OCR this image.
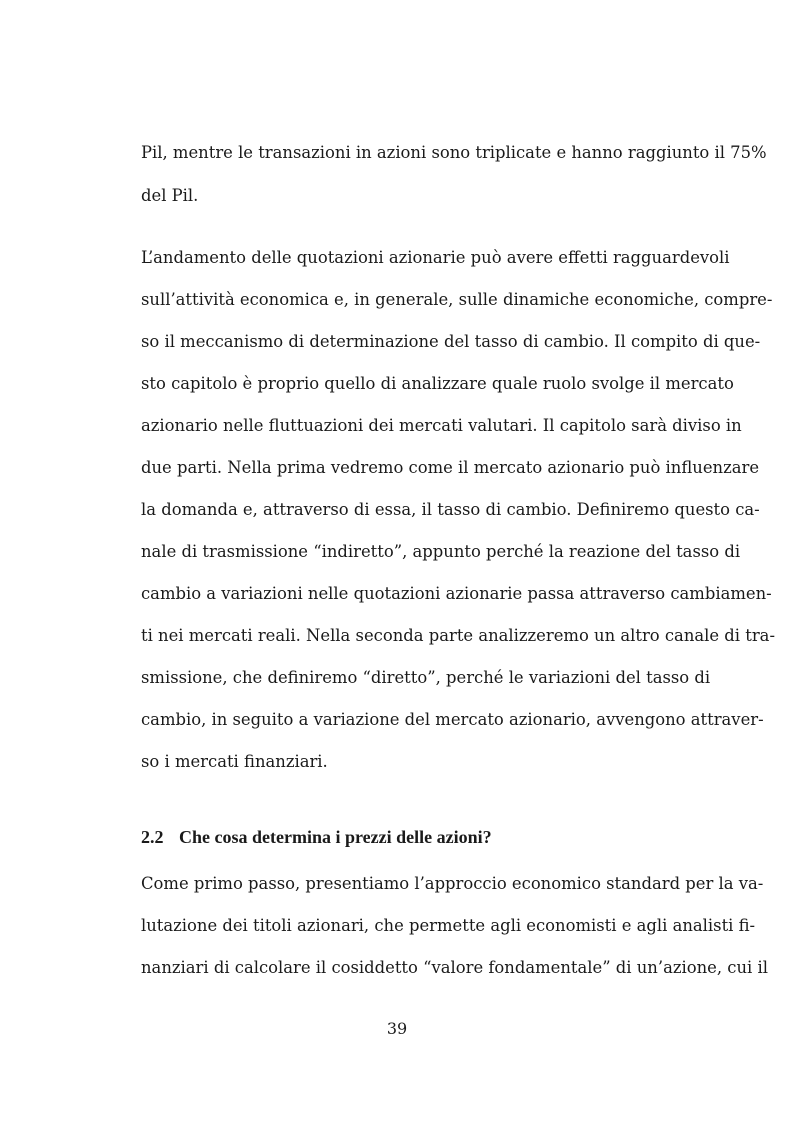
Pil, mentre le transazioni in azioni sono triplicate e hanno raggiunto il 75%
del Pil.
L’andamento delle quotazioni azionarie può avere effetti ragguardevoli
sull’attività economica e, in generale, sulle dinamiche economiche, compre-
so il meccanismo di determinazione del tasso di cambio. Il compito di que-
sto capitolo è proprio quello di analizzare quale ruolo svolge il mercato
azionario nelle fluttuazioni dei mercati valutari. Il capitolo sarà diviso in
due parti. Nella prima vedremo come il mercato azionario può influenzare
la domanda e, attraverso di essa, il tasso di cambio. Definiremo questo ca-
nale di trasmissione “indiretto”, appunto perché la reazione del tasso di
cambio a variazioni nelle quotazioni azionarie passa attraverso cambiamen-
ti nei mercati reali. Nella seconda parte analizzeremo un altro canale di tra-
smissione, che definiremo “diretto”, perché le variazioni del tasso di
cambio, in seguito a variazione del mercato azionario, avvengono attraver-
so i mercati finanziari.
2.2 Che cosa determina i prezzi delle azioni?
Come primo passo, presentiamo l’approccio economico standard per la va-
lutazione dei titoli azionari, che permette agli economisti e agli analisti fi-
nanziari di calcolare il cosiddetto “valore fondamentale” di un’azione, cui il
39
